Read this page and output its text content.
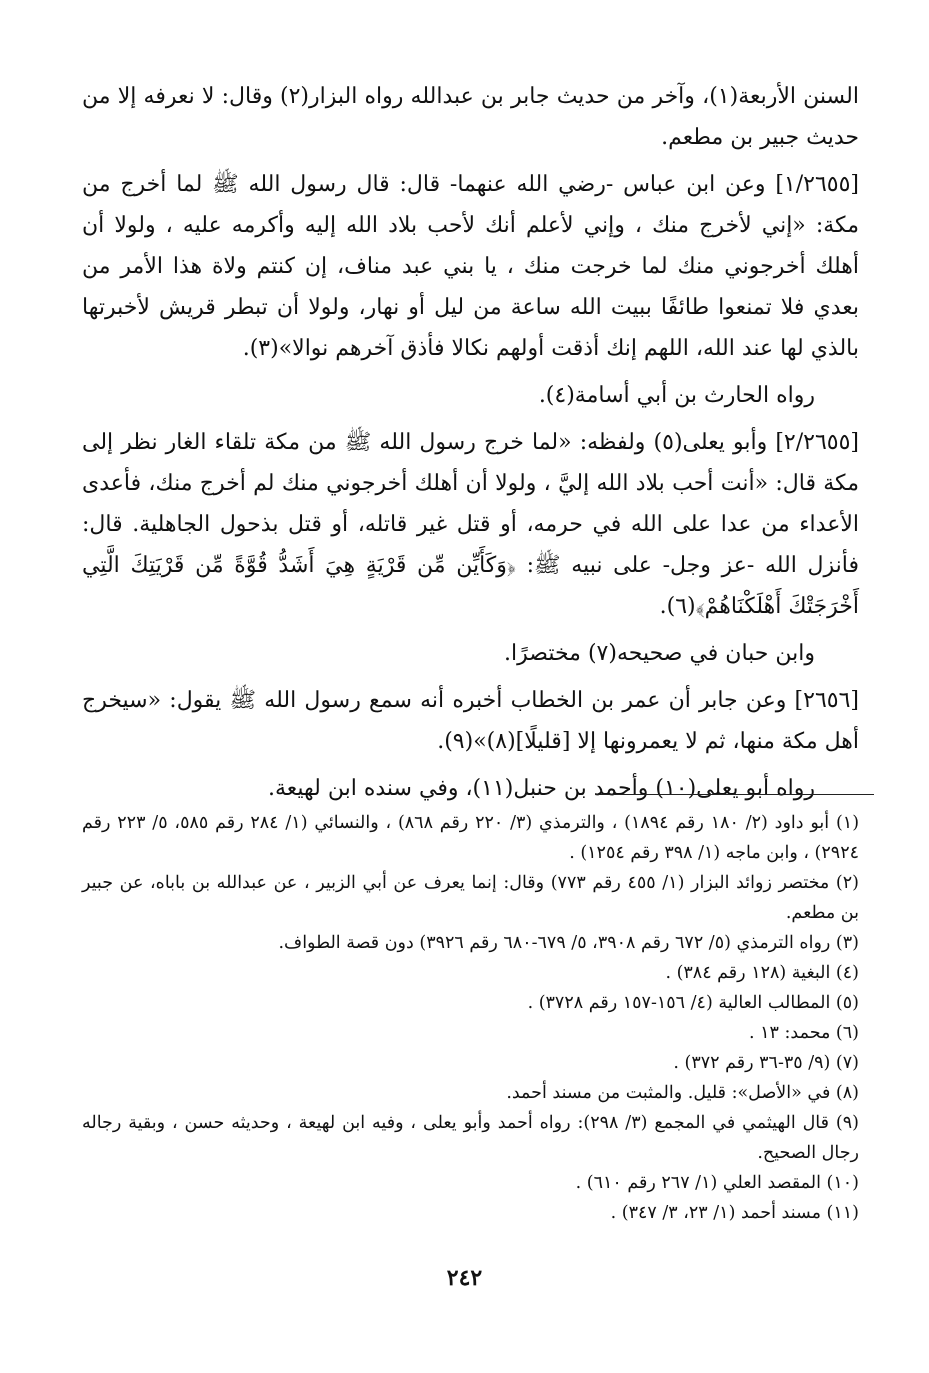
السنن الأربعة(١)، وآخر من حديث جابر بن عبدالله رواه البزار(٢) وقال: لا نعرفه إلا من حديث جبير بن مطعم.

[١/٢٦٥٥] وعن ابن عباس -رضي الله عنهما- قال: قال رسول الله ﷺ لما أخرج من مكة: «إني لأخرج منك ، وإني لأعلم أنك لأحب بلاد الله إليه وأكرمه عليه ، ولولا أن أهلك أخرجوني منك لما خرجت منك ، يا بني عبد مناف، إن كنتم ولاة هذا الأمر من بعدي فلا تمنعوا طائفًا ببيت الله ساعة من ليل أو نهار، ولولا أن تبطر قريش لأخبرتها بالذي لها عند الله، اللهم إنك أذقت أولهم نكالا فأذق آخرهم نوالا»(٣).

رواه الحارث بن أبي أسامة(٤).

[٢/٢٦٥٥] وأبو يعلى(٥) ولفظه: «لما خرج رسول الله ﷺ من مكة تلقاء الغار نظر إلى مكة قال: «أنت أحب بلاد الله إليَّ ، ولولا أن أهلك أخرجوني منك لم أخرج منك، فأعدى الأعداء من عدا على الله في حرمه، أو قتل غير قاتله، أو قتل بذحول الجاهلية. قال: فأنزل الله -عز وجل- على نبيه ﷺ: ﴿وَكَأَيِّن مِّن قَرْيَةٍ هِيَ أَشَدُّ قُوَّةً مِّن قَرْيَتِكَ الَّتِي أَخْرَجَتْكَ أَهْلَكْنَاهُمْ﴾(٦).

وابن حبان في صحيحه(٧) مختصرًا.

[٢٦٥٦] وعن جابر أن عمر بن الخطاب أخبره أنه سمع رسول الله ﷺ يقول: «سيخرج أهل مكة منها، ثم لا يعمرونها إلا [قليلًا](٨)»(٩).

رواه أبو يعلى(١٠) وأحمد بن حنبل(١١)، وفي سنده ابن لهيعة.

(١) أبو داود (٢/ ١٨٠ رقم ١٨٩٤) ، والترمذي (٣/ ٢٢٠ رقم ٨٦٨) ، والنسائي (١/ ٢٨٤ رقم ٥٨٥، ٥/ ٢٢٣ رقم ٢٩٢٤) ، وابن ماجه (١/ ٣٩٨ رقم ١٢٥٤) .

(٢) مختصر زوائد البزار (١/ ٤٥٥ رقم ٧٧٣) وقال: إنما يعرف عن أبي الزبير ، عن عبدالله بن باباه، عن جبير بن مطعم.

(٣) رواه الترمذي (٥/ ٦٧٢ رقم ٣٩٠٨، ٥/ ٦٧٩-٦٨٠ رقم ٣٩٢٦) دون قصة الطواف.

(٤) البغية (١٢٨ رقم ٣٨٤) .

(٥) المطالب العالية (٤/ ١٥٦-١٥٧ رقم ٣٧٢٨) .

(٦) محمد: ١٣ .

(٧) (٩/ ٣٥-٣٦ رقم ٣٧٢) .

(٨) في «الأصل»: قليل. والمثبت من مسند أحمد.

(٩) قال الهيثمي في المجمع (٣/ ٢٩٨): رواه أحمد وأبو يعلى ، وفيه ابن لهيعة ، وحديثه حسن ، وبقية رجاله رجال الصحيح.

(١٠) المقصد العلي (١/ ٢٦٧ رقم ٦١٠) .

(١١) مسند أحمد (١/ ٢٣، ٣/ ٣٤٧) .

٢٤٢
